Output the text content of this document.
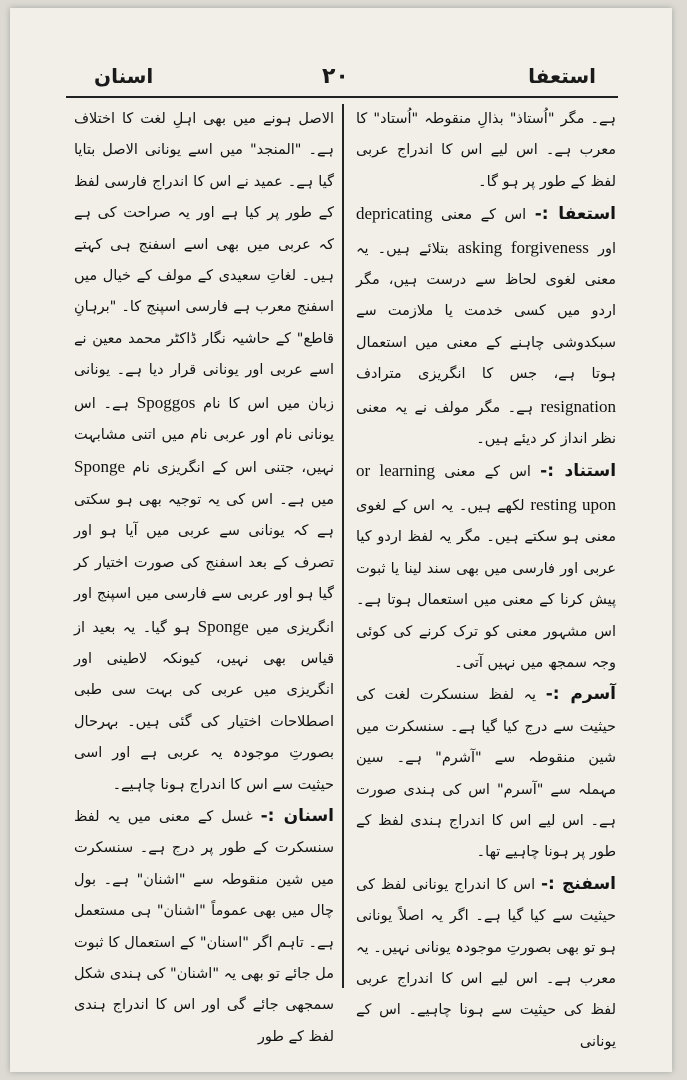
اسنان	۲۰	استعفا

ہے۔ مگر "اُستاذ" بذالِ منقوطہ "اُستاد" کا معرب ہے۔ اس لیے اس کا اندراج عربی لفظ کے طور پر ہو گا۔

استعفا :- اس کے معنی depricating اور asking forgiveness بتلائے ہیں۔ یہ معنی لغوی لحاظ سے درست ہیں، مگر اردو میں کسی خدمت یا ملازمت سے سبکدوشی چاہنے کے معنی میں استعمال ہوتا ہے، جس کا انگریزی مترادف resignation ہے۔ مگر مولف نے یہ معنی نظر انداز کر دیئے ہیں۔

استناد :- اس کے معنی learning or resting upon لکھے ہیں۔ یہ اس کے لغوی معنی ہو سکتے ہیں۔ مگر یہ لفظ اردو کیا عربی اور فارسی میں بھی سند لینا یا ثبوت پیش کرنا کے معنی میں استعمال ہوتا ہے۔ اس مشہور معنی کو ترک کرنے کی کوئی وجہ سمجھ میں نہیں آتی۔

آسرم :- یہ لفظ سنسکرت لغت کی حیثیت سے درج کیا گیا ہے۔ سنسکرت میں شین منقوطہ سے "آشرم" ہے۔ سین مہملہ سے "آسرم" اس کی ہندی صورت ہے۔ اس لیے اس کا اندراج ہندی لفظ کے طور پر ہونا چاہیے تھا۔

اسفنج :- اس کا اندراج یونانی لفظ کی حیثیت سے کیا گیا ہے۔ اگر یہ اصلاً یونانی ہو تو بھی بصورتِ موجودہ یونانی نہیں۔ یہ معرب ہے۔ اس لیے اس کا اندراج عربی لفظ کی حیثیت سے ہونا چاہیے۔ اس کے یونانی

الاصل ہونے میں بھی اہلِ لغت کا اختلاف ہے۔ "المنجد" میں اسے یونانی الاصل بتایا گیا ہے۔ عمید نے اس کا اندراج فارسی لفظ کے طور پر کیا ہے اور یہ صراحت کی ہے کہ عربی میں بھی اسے اسفنج ہی کہتے ہیں۔ لغاتِ سعیدی کے مولف کے خیال میں اسفنج معرب ہے فارسی اسپنج کا۔ "برہانِ قاطع" کے حاشیہ نگار ڈاکٹر محمد معین نے اسے عربی اور یونانی قرار دیا ہے۔ یونانی زبان میں اس کا نام Spoggos ہے۔ اس یونانی نام اور عربی نام میں اتنی مشابہت نہیں، جتنی اس کے انگریزی نام Sponge میں ہے۔ اس کی یہ توجیہ بھی ہو سکتی ہے کہ یونانی سے عربی میں آیا ہو اور تصرف کے بعد اسفنج کی صورت اختیار کر گیا ہو اور عربی سے فارسی میں اسپنج اور انگریزی میں Sponge ہو گیا۔ یہ بعید از قیاس بھی نہیں، کیونکہ لاطینی اور انگریزی میں عربی کی بہت سی طبی اصطلاحات اختیار کی گئی ہیں۔ بہرحال بصورتِ موجودہ یہ عربی ہے اور اسی حیثیت سے اس کا اندراج ہونا چاہیے۔

اسنان :- غسل کے معنی میں یہ لفظ سنسکرت کے طور پر درج ہے۔ سنسکرت میں شین منقوطہ سے "اشنان" ہے۔ بول چال میں بھی عموماً "اشنان" ہی مستعمل ہے۔ تاہم اگر "اسنان" کے استعمال کا ثبوت مل جائے تو بھی یہ "اشنان" کی ہندی شکل سمجھی جائے گی اور اس کا اندراج ہندی لفظ کے طور
